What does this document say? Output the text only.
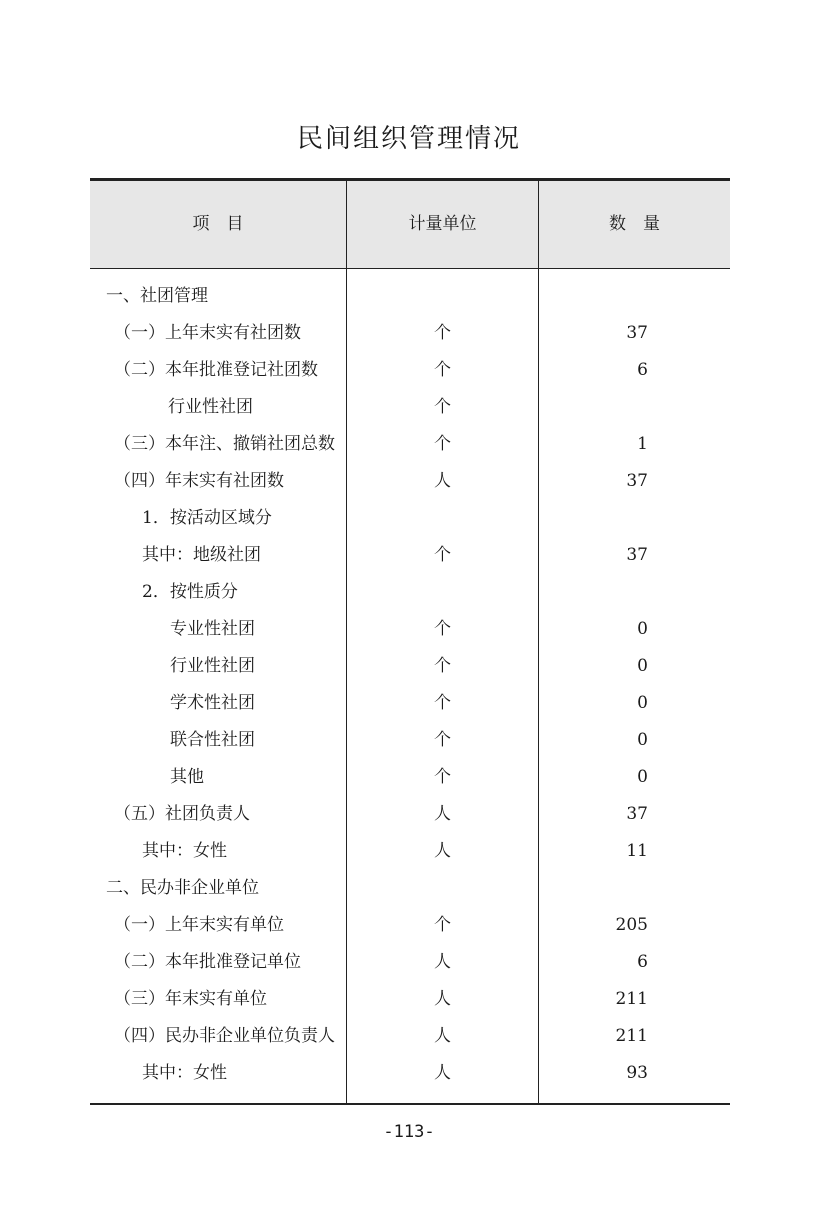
民间组织管理情况
项　目	计量单位	数　量
一、社团管理
（一）上年末实有社团数	个	37
（二）本年批准登记社团数	个	6
行业性社团	个
（三）本年注、撤销社团总数	个	1
（四）年末实有社团数	人	37
1．按活动区域分
其中：地级社团	个	37
2．按性质分
专业性社团	个	0
行业性社团	个	0
学术性社团	个	0
联合性社团	个	0
其他	个	0
（五）社团负责人	人	37
其中：女性	人	11
二、民办非企业单位
（一）上年末实有单位	个	205
（二）本年批准登记单位	人	6
（三）年末实有单位	人	211
（四）民办非企业单位负责人	人	211
其中：女性	人	93
-113-
